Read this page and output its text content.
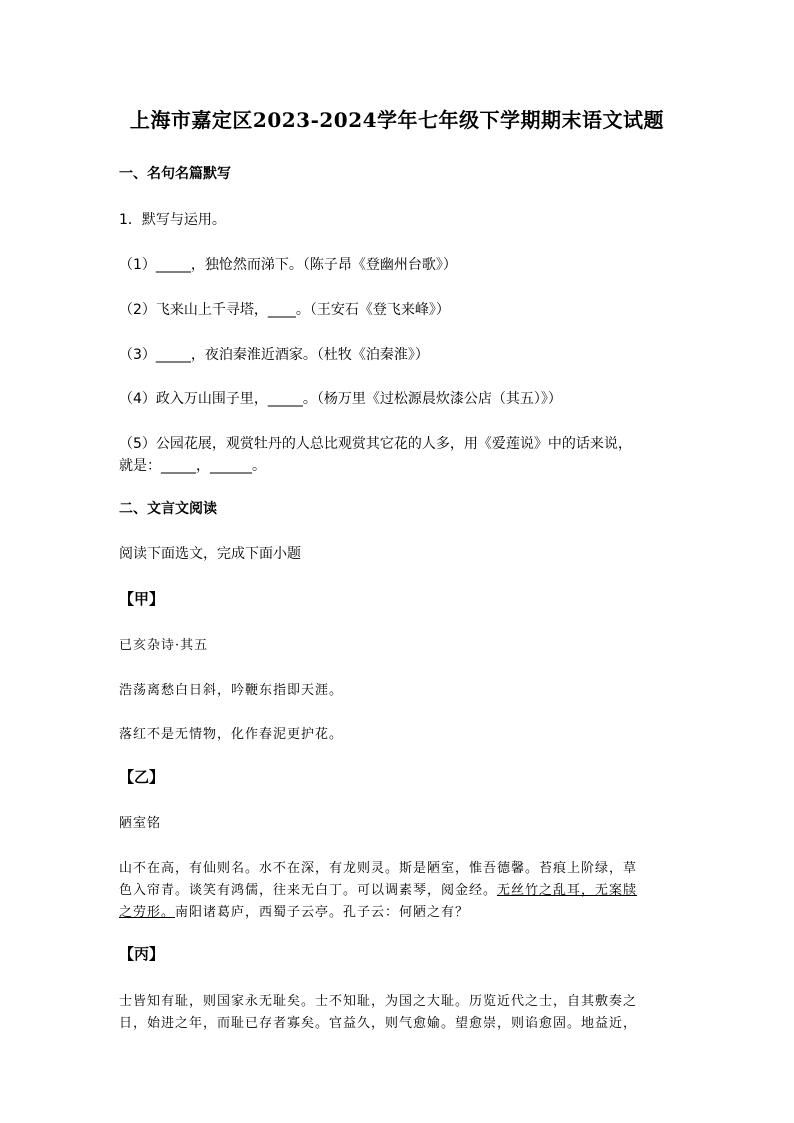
上海市嘉定区2023-2024学年七年级下学期期末语文试题
一、名句名篇默写
1．默写与运用。
（1）_____，独怆然而涕下。（陈子昂《登幽州台歌》）
（2）飞来山上千寻塔，____。（王安石《登飞来峰》）
（3）_____，夜泊秦淮近酒家。（杜牧《泊秦淮》）
（4）政入万山围子里，_____。（杨万里《过松源晨炊漆公店（其五）》）
（5）公园花展，观赏牡丹的人总比观赏其它花的人多，用《爱莲说》中的话来说，
就是：_____，______。
二、文言文阅读
阅读下面选文，完成下面小题
【甲】
已亥杂诗·其五
浩荡离愁白日斜，吟鞭东指即天涯。
落红不是无情物，化作春泥更护花。
【乙】
陋室铭
山不在高，有仙则名。水不在深，有龙则灵。斯是陋室，惟吾德馨。苔痕上阶绿，草
色入帘青。谈笑有鸿儒，往来无白丁。可以调素琴，阅金经。无丝竹之乱耳，无案牍
之劳形。南阳诸葛庐，西蜀子云亭。孔子云：何陋之有？
【丙】
士皆知有耻，则国家永无耻矣。士不知耻，为国之大耻。历览近代之士，自其敷奏之
日，始进之年，而耻已存者寡矣。官益久，则气愈媮。望愈崇，则谄愈固。地益近，
